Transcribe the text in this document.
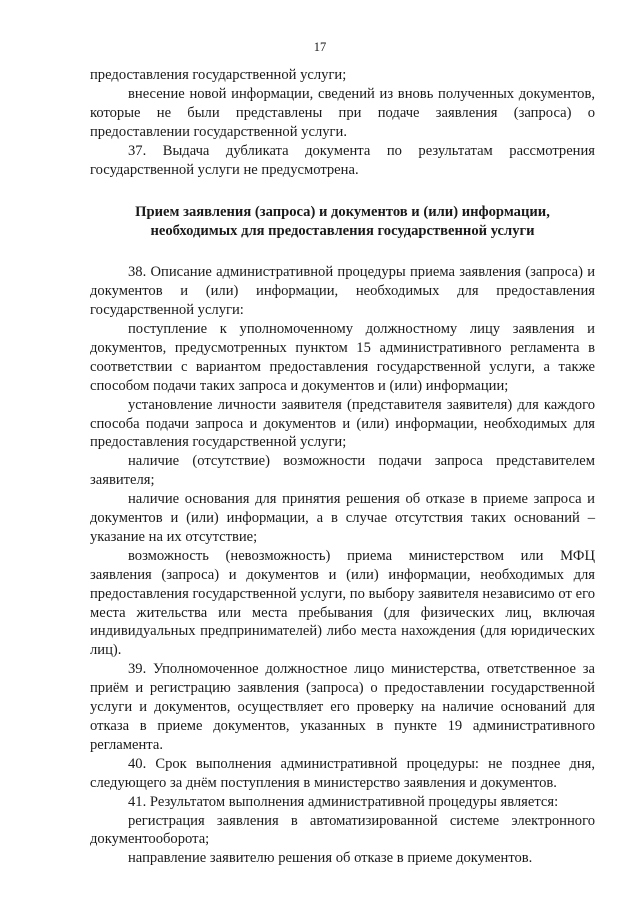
17

предоставления государственной услуги;

внесение новой информации, сведений из вновь полученных документов, которые не были представлены при подаче заявления (запроса) о предоставлении государственной услуги.

37. Выдача дубликата документа по результатам рассмотрения государственной услуги не предусмотрена.

Прием заявления (запроса) и документов и (или) информации, необходимых для предоставления государственной услуги

38. Описание административной процедуры приема заявления (запроса) и документов и (или) информации, необходимых для предоставления государственной услуги:

поступление к уполномоченному должностному лицу заявления и документов, предусмотренных пунктом 15 административного регламента в соответствии с вариантом предоставления государственной услуги, а также способом подачи таких запроса и документов и (или) информации;

установление личности заявителя (представителя заявителя) для каждого способа подачи запроса и документов и (или) информации, необходимых для предоставления государственной услуги;

наличие (отсутствие) возможности подачи запроса представителем заявителя;

наличие основания для принятия решения об отказе в приеме запроса и документов и (или) информации, а в случае отсутствия таких оснований – указание на их отсутствие;

возможность (невозможность) приема министерством или МФЦ заявления (запроса) и документов и (или) информации, необходимых для предоставления государственной услуги, по выбору заявителя независимо от его места жительства или места пребывания (для физических лиц, включая индивидуальных предпринимателей) либо места нахождения (для юридических лиц).

39. Уполномоченное должностное лицо министерства, ответственное за приём и регистрацию заявления (запроса) о предоставлении государственной услуги и документов, осуществляет его проверку на наличие оснований для отказа в приеме документов, указанных в пункте 19 административного регламента.

40. Срок выполнения административной процедуры: не позднее дня, следующего за днём поступления в министерство заявления и документов.

41. Результатом выполнения административной процедуры является:

регистрация заявления в автоматизированной системе электронного документооборота;

направление заявителю решения об отказе в приеме документов.
